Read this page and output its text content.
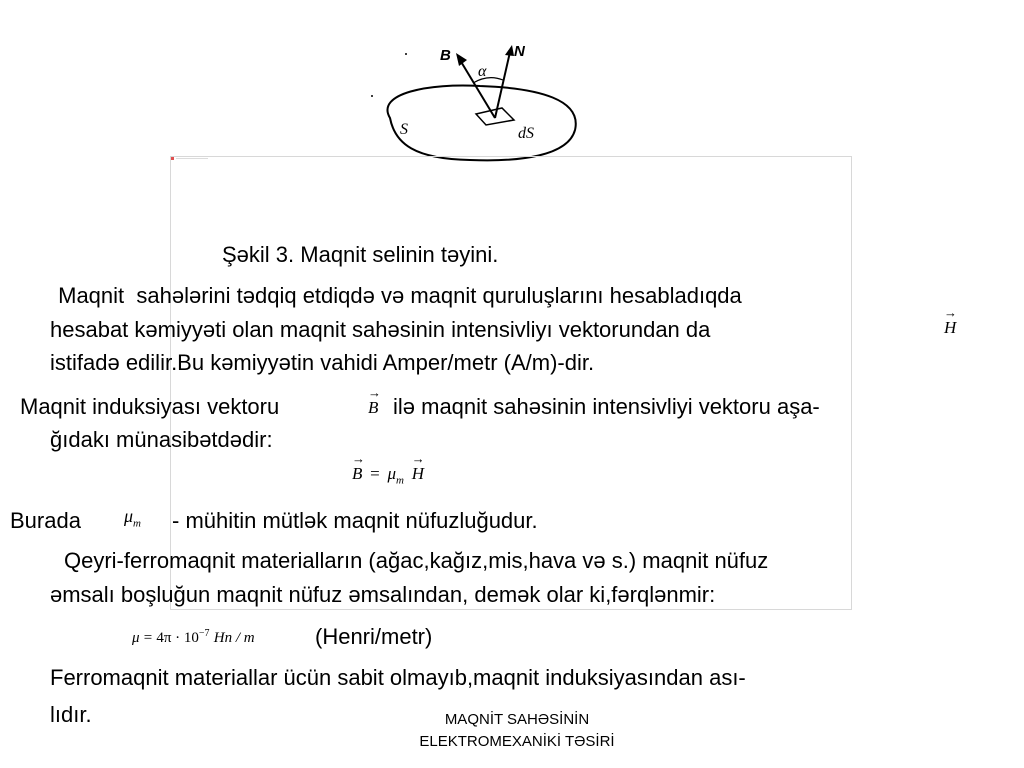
B	N
α
S	dS
Şəkil 3. Maqnit selinin təyini.
Maqnit  sahələrini tədqiq etdiqdə və maqnit quruluşlarını hesabladıqda
hesabat kəmiyyəti olan maqnit sahəsinin intensivliyı vektorundan da
→
H
istifadə edilir.Bu kəmiyyətin vahidi Amper/metr (A/m)-dir.
Maqnit induksiyası vektoru
→
B ilə maqnit sahəsinin intensivliyi vektoru aşa-
ğıdakı münasibətdədir:
→
$B = \mu_m$
→
H
Burada $\mu_m$ - mühitin mütlək maqnit nüfuzluğudur.
Qeyri-ferromaqnit materialların (ağac,kağız,mis,hava və s.) maqnit nüfuz
əmsalı boşluğun maqnit nüfuz əmsalından, demək olar ki,fərqlənmir:
$\mu = 4\pi \cdot 10^{-7}$ Hn / m	(Henri/metr)
Ferromaqnit materiallar ücün sabit olmayıb,maqnit induksiyasından ası-
lıdır.	MAQNİT SAHƏSİNİN
ELEKTROMEXANİKİ TƏSİRİ
